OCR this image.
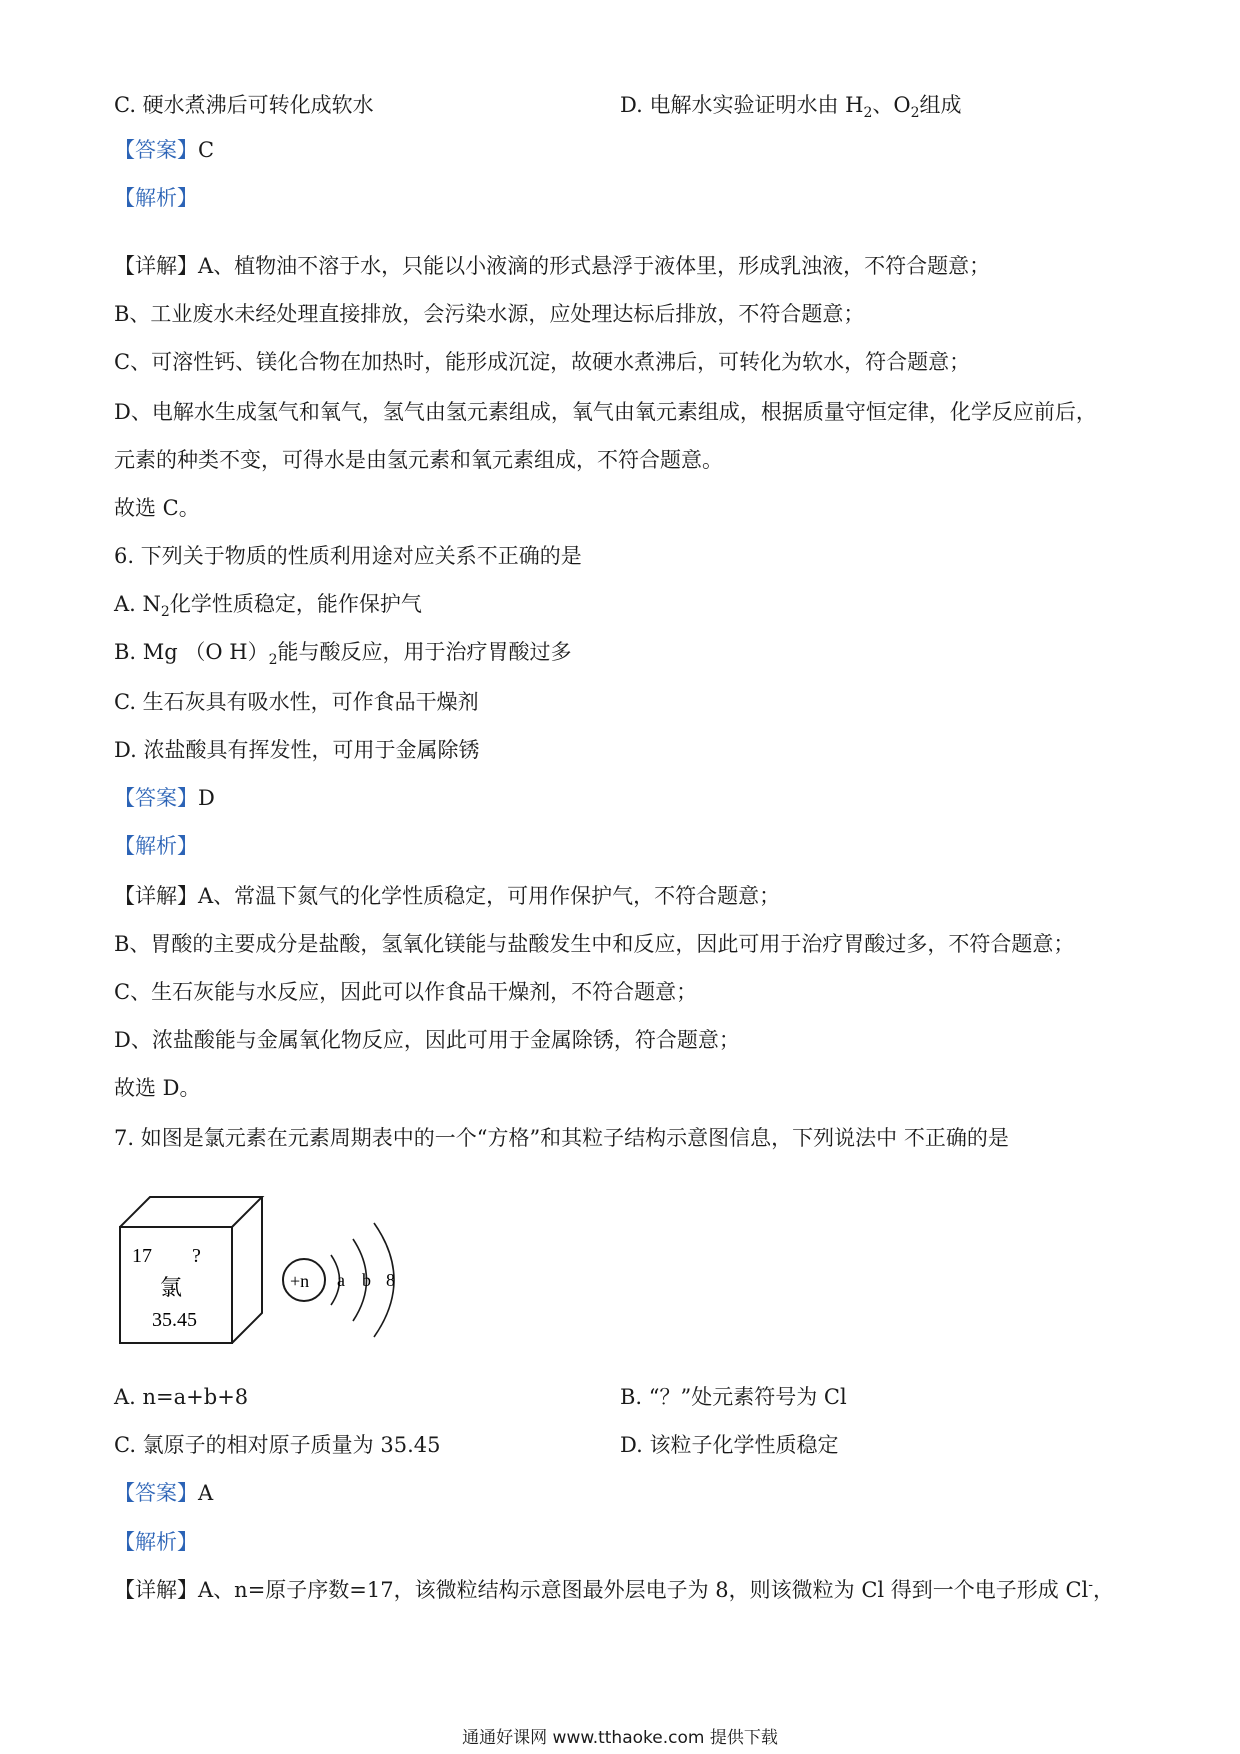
C. 硬水煮沸后可转化成软水	D. 电解水实验证明水由 $H_2$、$O_2$组成
【答案】C
【解析】
【详解】A、植物油不溶于水，只能以小液滴的形式悬浮于液体里，形成乳浊液，不符合题意；
B、工业废水未经处理直接排放，会污染水源，应处理达标后排放，不符合题意；
C、可溶性钙、镁化合物在加热时，能形成沉淀，故硬水煮沸后，可转化为软水，符合题意；
D、电解水生成氢气和氧气，氢气由氢元素组成，氧气由氧元素组成，根据质量守恒定律，化学反应前后，
元素的种类不变，可得水是由氢元素和氧元素组成，不符合题意。
故选 C。
6. 下列关于物质的性质利用途对应关系不正确的是
A. $N_2$化学性质稳定，能作保护气
B. Mg （O $H)_2$能与酸反应，用于治疗胃酸过多
C. 生石灰具有吸水性，可作食品干燥剂
D. 浓盐酸具有挥发性，可用于金属除锈
【答案】D
【解析】
【详解】A、常温下氮气的化学性质稳定，可用作保护气，不符合题意；
B、胃酸的主要成分是盐酸，氢氧化镁能与盐酸发生中和反应，因此可用于治疗胃酸过多，不符合题意；
C、生石灰能与水反应，因此可以作食品干燥剂，不符合题意；
D、浓盐酸能与金属氧化物反应，因此可用于金属除锈，符合题意；
故选 D。
7. 如图是氯元素在元素周期表中的一个“方格”和其粒子结构示意图信息，下列说法中 不正确的是
17 ?
氯
35.45
+n a b 8
A. n=a+b+8	B. “？”处元素符号为 Cl
C. 氯原子的相对原子质量为 35.45	D. 该粒子化学性质稳定
【答案】A
【解析】
【详解】A、n=原子序数=17，该微粒结构示意图最外层电子为 8，则该微粒为 Cl 得到一个电子形成 Cl-，
通通好课网 www.tthaoke.com 提供下载
